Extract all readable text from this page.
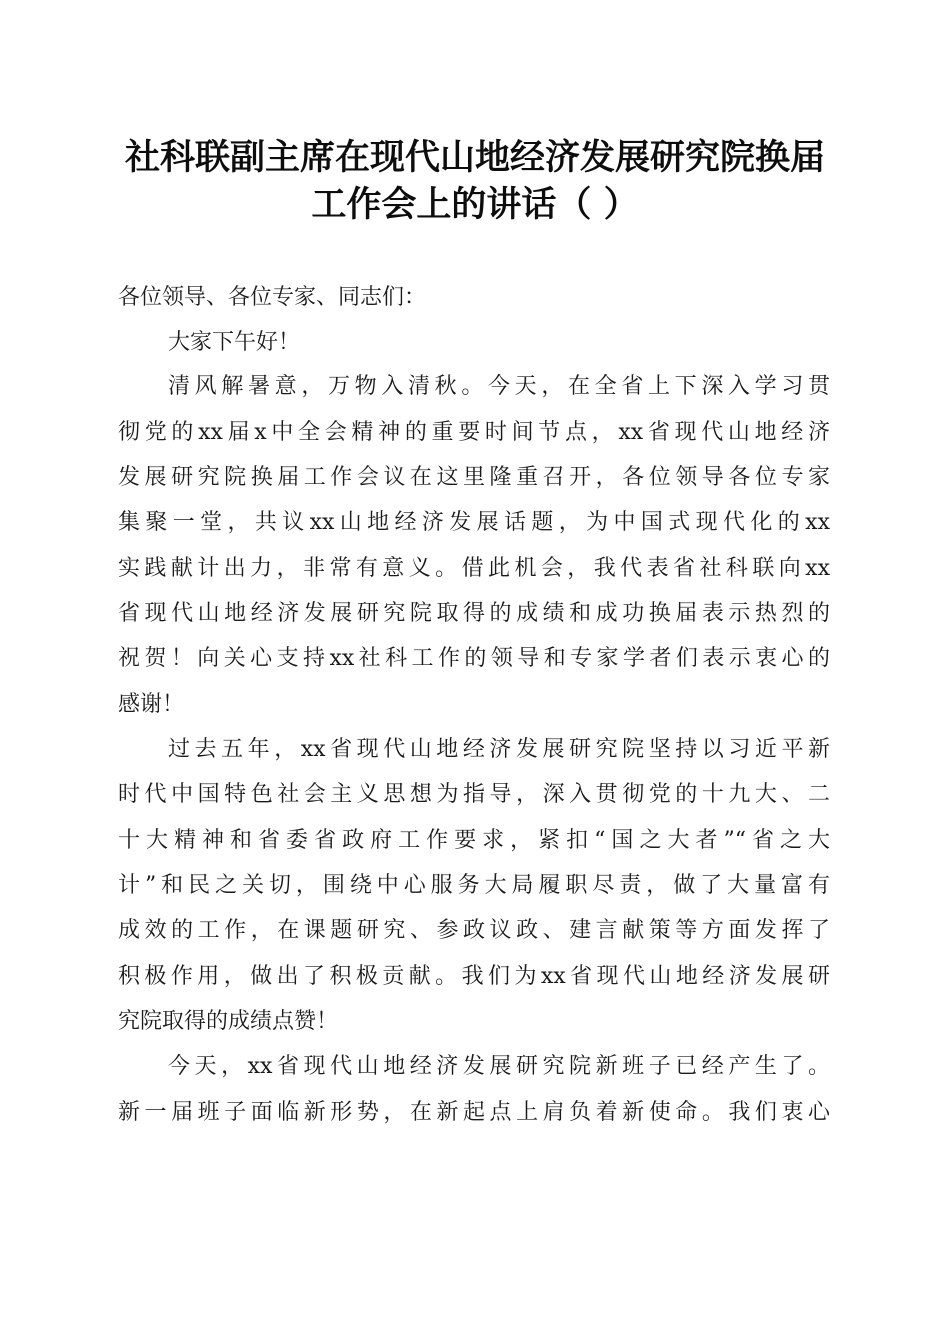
社科联副主席在现代山地经济发展研究院换届
工作会上的讲话（ ）
各位领导、各位专家、同志们：
大家下午好！
清风解暑意，万物入清秋。今天，在全省上下深入学习贯
彻党的xx届x中全会精神的重要时间节点，xx省现代山地经济
发展研究院换届工作会议在这里隆重召开，各位领导各位专家
集聚一堂，共议xx山地经济发展话题，为中国式现代化的xx
实践献计出力，非常有意义。借此机会，我代表省社科联向xx
省现代山地经济发展研究院取得的成绩和成功换届表示热烈的
祝贺！向关心支持xx社科工作的领导和专家学者们表示衷心的
感谢！
过去五年，xx省现代山地经济发展研究院坚持以习近平新
时代中国特色社会主义思想为指导，深入贯彻党的十九大、二
十大精神和省委省政府工作要求，紧扣“国之大者”“省之大
计”和民之关切，围绕中心服务大局履职尽责，做了大量富有
成效的工作，在课题研究、参政议政、建言献策等方面发挥了
积极作用，做出了积极贡献。我们为xx省现代山地经济发展研
究院取得的成绩点赞！
今天，xx省现代山地经济发展研究院新班子已经产生了。
新一届班子面临新形势，在新起点上肩负着新使命。我们衷心
